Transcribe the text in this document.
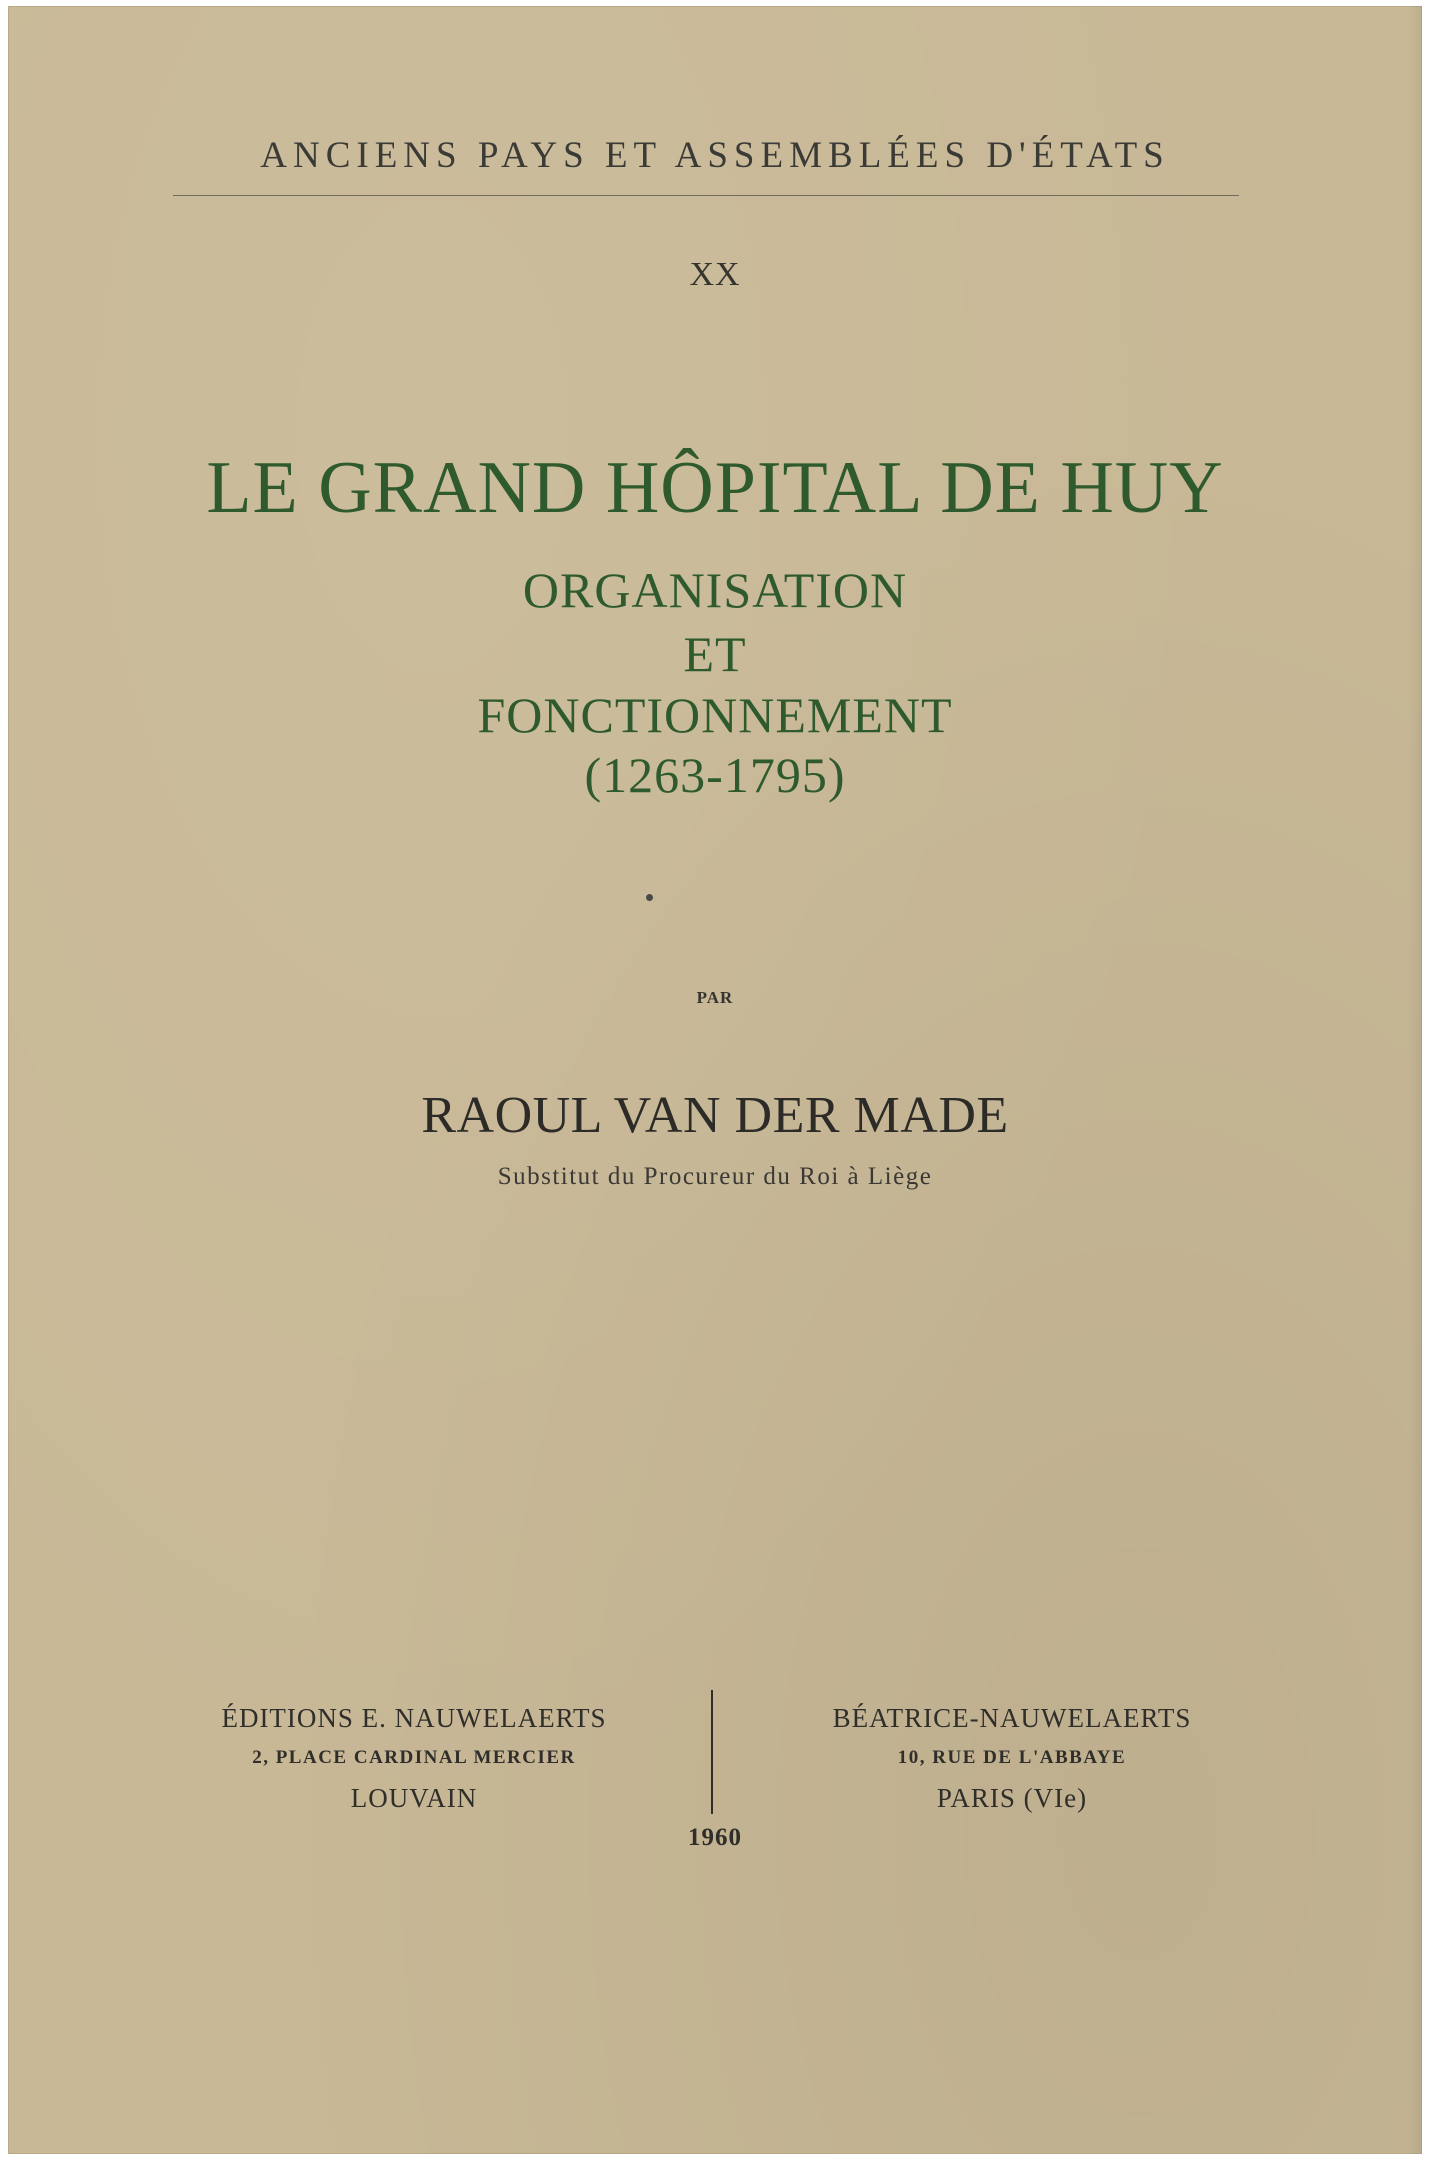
ANCIENS PAYS ET ASSEMBLÉES D'ÉTATS
XX
LE GRAND HÔPITAL DE HUY
ORGANISATION
ET
FONCTIONNEMENT
(1263-1795)
PAR
RAOUL VAN DER MADE
Substitut du Procureur du Roi à Liège
ÉDITIONS E. NAUWELAERTS
2, PLACE CARDINAL MERCIER
LOUVAIN
BÉATRICE-NAUWELAERTS
10, RUE DE L'ABBAYE
PARIS (VIe)
1960
